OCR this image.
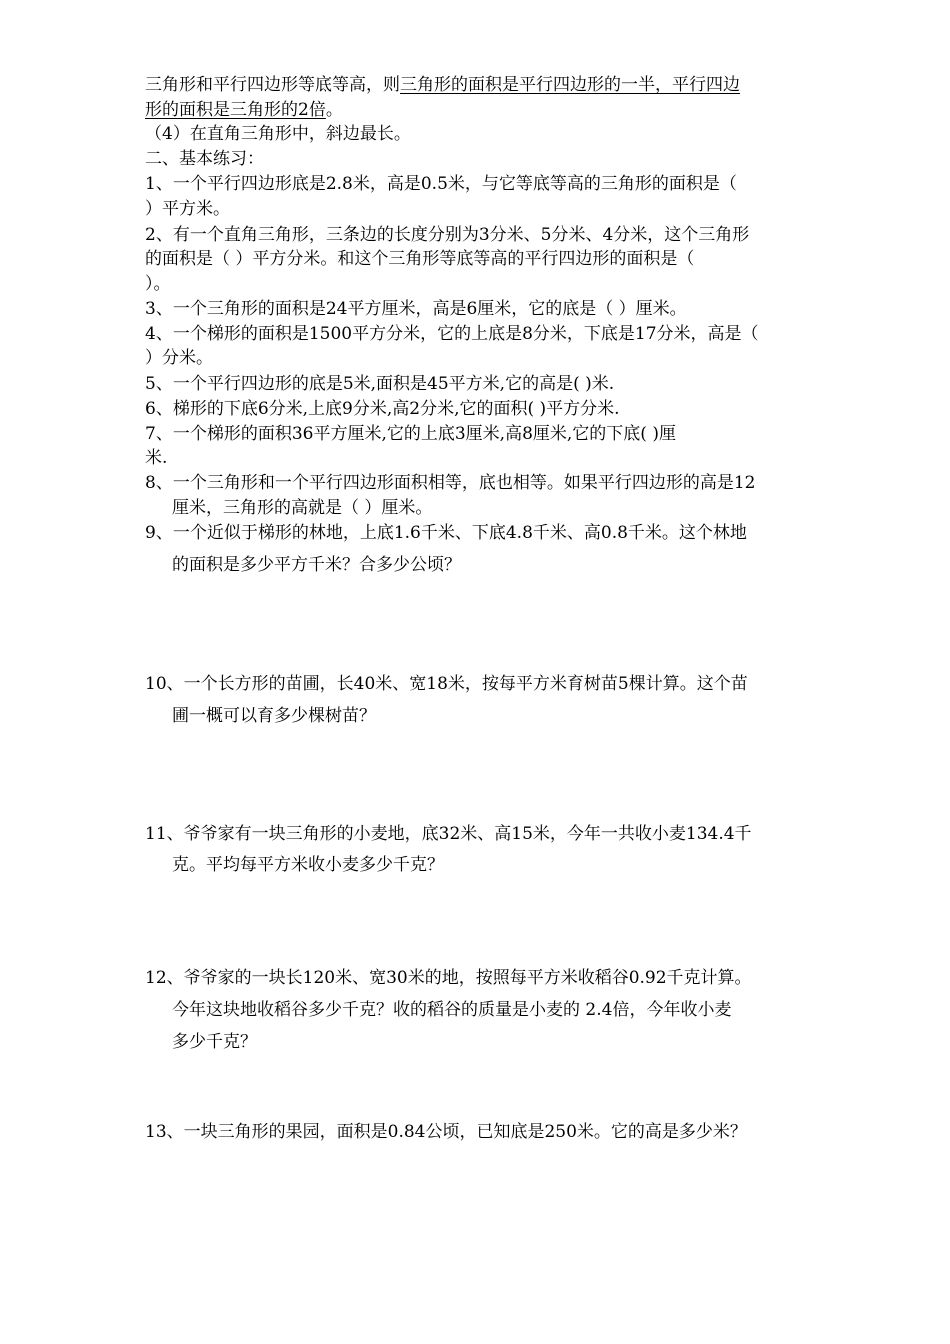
三角形和平行四边形等底等高，则三角形的面积是平行四边形的一半，平行四边
形的面积是三角形的2倍。
（4）在直角三角形中，斜边最长。
二、基本练习：
1、一个平行四边形底是2.8米，高是0.5米，与它等底等高的三角形的面积是（
）平方米。
2、有一个直角三角形，三条边的长度分别为3分米、5分米、4分米，这个三角形
的面积是（ ）平方分米。和这个三角形等底等高的平行四边形的面积是（
）。
3、一个三角形的面积是24平方厘米，高是6厘米，它的底是（ ）厘米。
4、一个梯形的面积是1500平方分米，它的上底是8分米，下底是17分米，高是（
）分米。
5、一个平行四边形的底是5米,面积是45平方米,它的高是( )米.
6、梯形的下底6分米,上底9分米,高2分米,它的面积( )平方分米.
7、一个梯形的面积36平方厘米,它的上底3厘米,高8厘米,它的下底( )厘
米.
8、一个三角形和一个平行四边形面积相等，底也相等。如果平行四边形的高是12
厘米，三角形的高就是（ ）厘米。
9、一个近似于梯形的林地，上底1.6千米、下底4.8千米、高0.8千米。这个林地
的面积是多少平方千米？合多少公顷？
10、一个长方形的苗圃，长40米、宽18米，按每平方米育树苗5棵计算。这个苗
圃一概可以育多少棵树苗？
11、爷爷家有一块三角形的小麦地，底32米、高15米，今年一共收小麦134.4千
克。平均每平方米收小麦多少千克？
12、爷爷家的一块长120米、宽30米的地，按照每平方米收稻谷0.92千克计算。
今年这块地收稻谷多少千克？收的稻谷的质量是小麦的 2.4倍，今年收小麦
多少千克？
13、一块三角形的果园，面积是0.84公顷，已知底是250米。它的高是多少米？
